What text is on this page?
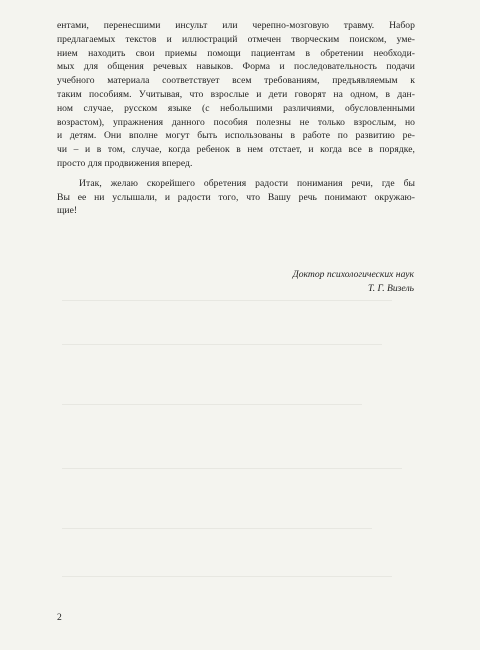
ентами, перенесшими инсульт или черепно-мозговую травму. Набор
предлагаемых текстов и иллюстраций отмечен творческим поиском, уме-
нием находить свои приемы помощи пациентам в обретении необходи-
мых для общения речевых навыков. Форма и последовательность подачи
учебного материала соответствует всем требованиям, предъявляемым к
таким пособиям. Учитывая, что взрослые и дети говорят на одном, в дан-
ном случае, русском языке (с небольшими различиями, обусловленными
возрастом), упражнения данного пособия полезны не только взрослым, но
и детям. Они вполне могут быть использованы в работе по развитию ре-
чи – и в том, случае, когда ребенок в нем отстает, и когда все в порядке,
просто для продвижения вперед.
Итак, желаю скорейшего обретения радости понимания речи, где бы
Вы ее ни услышали, и радости того, что Вашу речь понимают окружаю-
щие!
Доктор психологических наук
Т. Г. Визель
2
